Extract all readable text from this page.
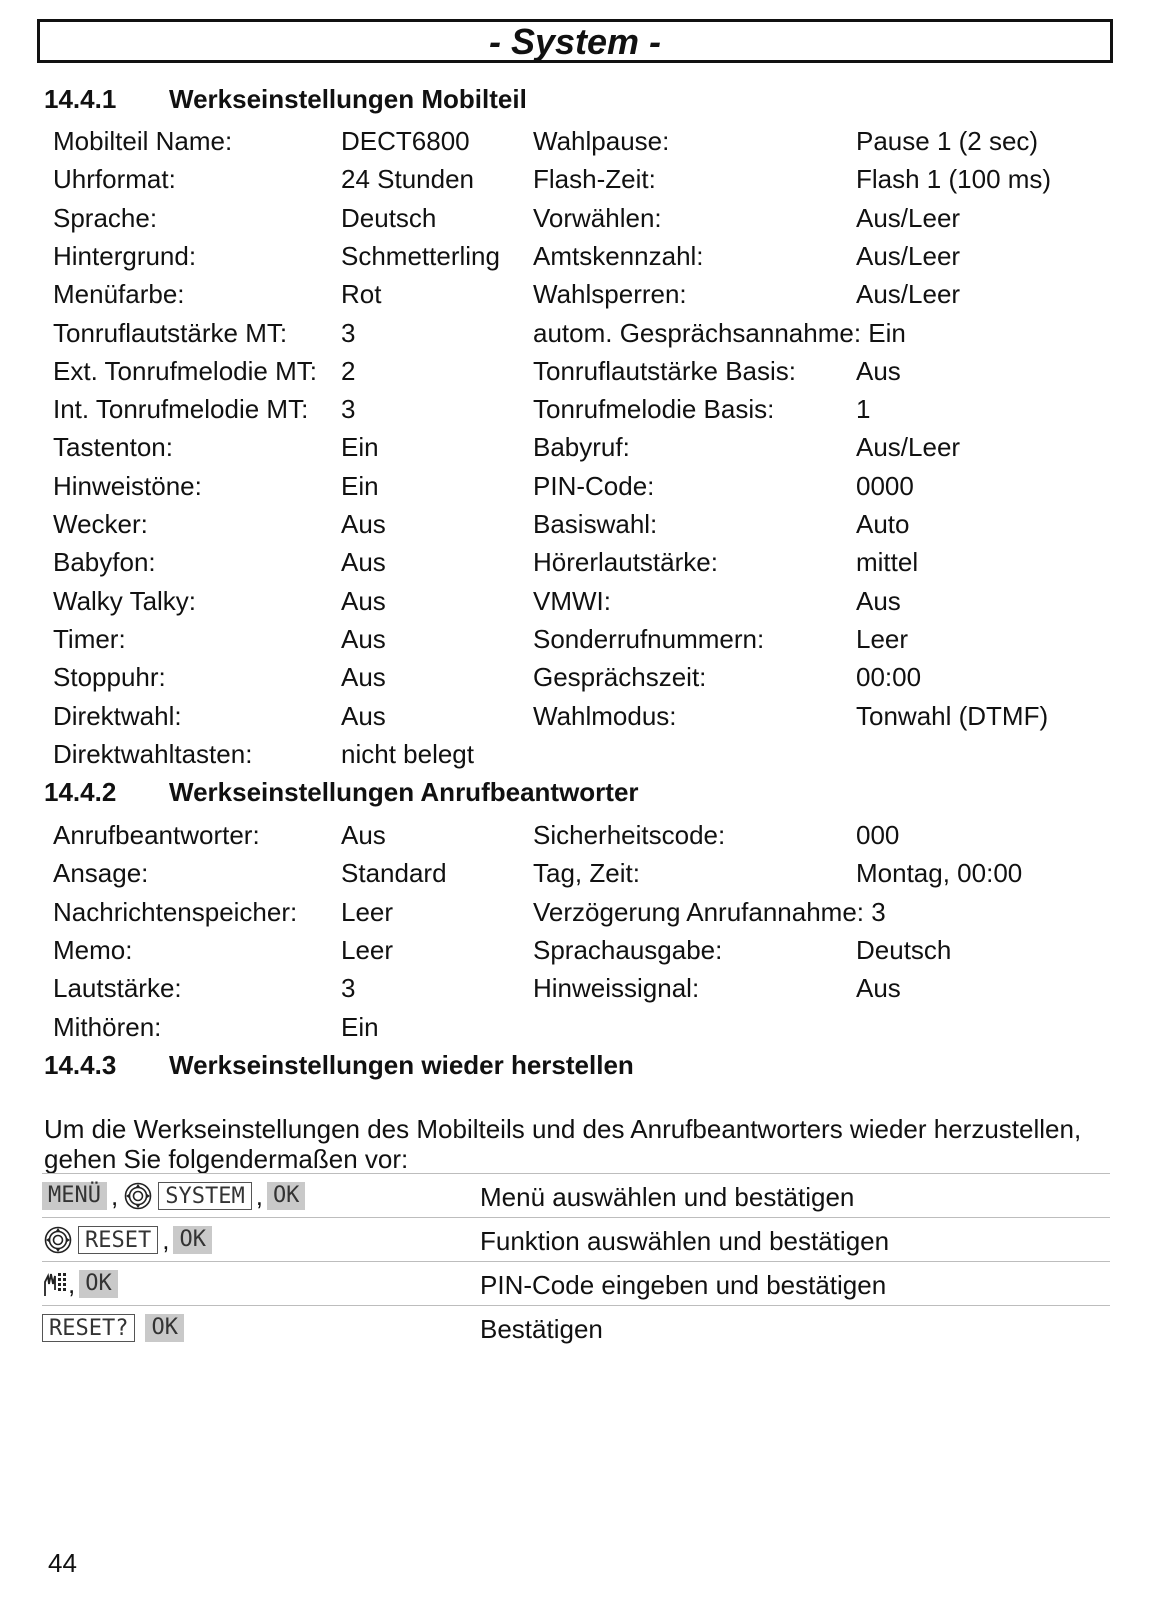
- System -
14.4.1 Werkseinstellungen Mobilteil
Mobilteil Name:	DECT6800 Wahlpause:	Pause 1 (2 sec)
Uhrformat:	24 Stunden Flash-Zeit:	Flash 1 (100 ms)
Sprache:	Deutsch	Vorwählen:	Aus/Leer
Hintergrund:	Schmetterling Amtskennzahl:	Aus/Leer
Menüfarbe:	Rot	Wahlsperren:	Aus/Leer
Tonruflautstärke MT: 3	autom. Gesprächsannahme: Ein
Ext. Tonrufmelodie MT: 2	Tonruflautstärke Basis: Aus
Int. Tonrufmelodie MT: 3	Tonrufmelodie Basis:	1
Tastenton:	Ein	Babyruf:	Aus/Leer
Hinweistöne:	Ein	PIN-Code:	0000
Wecker:	Aus	Basiswahl:	Auto
Babyfon:	Aus	Hörerlautstärke:	mittel
Walky Talky:	Aus	VMWI:	Aus
Timer:	Aus	Sonderrufnummern:	Leer
Stoppuhr:	Aus	Gesprächszeit:	00:00
Direktwahl:	Aus	Wahlmodus:	Tonwahl (DTMF)
Direktwahltasten:	nicht belegt
14.4.2 Werkseinstellungen Anrufbeantworter
Anrufbeantworter:	Aus	Sicherheitscode:	000
Ansage:	Standard	Tag, Zeit:	Montag, 00:00
Nachrichtenspeicher: Leer	Verzögerung Anrufannahme: 3
Memo:	Leer	Sprachausgabe:	Deutsch
Lautstärke:	3	Hinweissignal:	Aus
Mithören:	Ein
14.4.3 Werkseinstellungen wieder herstellen
Um die Werkseinstellungen des Mobilteils und des Anrufbeantworters wieder herzustellen, gehen Sie folgendermaßen vor:
MENÜ ,	SYSTEM , OK	Menü auswählen und bestätigen
RESET , OK	Funktion auswählen und bestätigen
, OK	PIN-Code eingeben und bestätigen
RESET?	OK	Bestätigen
44
